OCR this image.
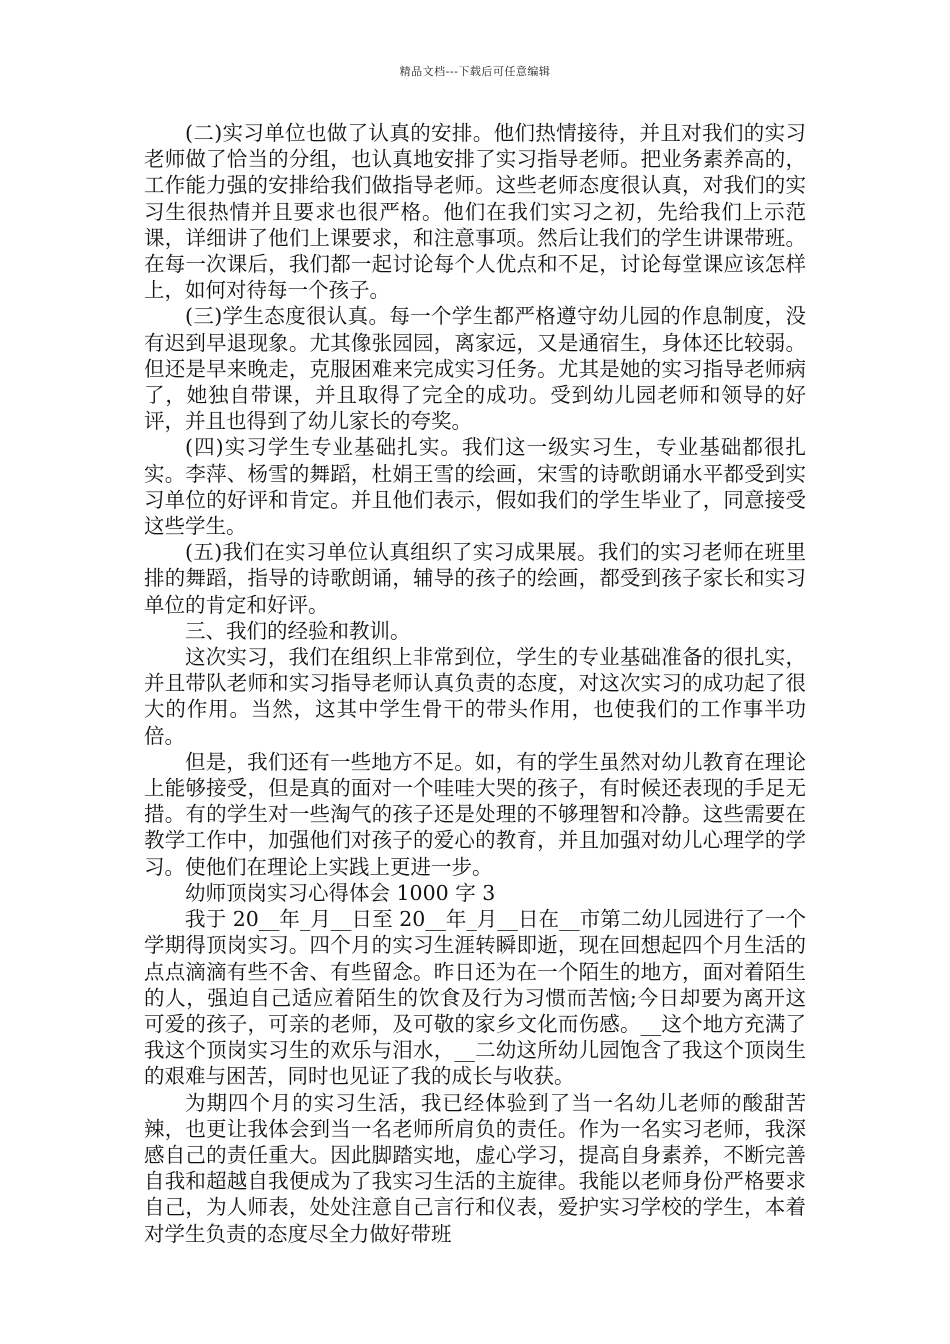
精品文档---下载后可任意编辑

(二)实习单位也做了认真的安排。他们热情接待，并且对我们的实习老师做了恰当的分组，也认真地安排了实习指导老师。把业务素养高的，工作能力强的安排给我们做指导老师。这些老师态度很认真，对我们的实习生很热情并且要求也很严格。他们在我们实习之初，先给我们上示范课，详细讲了他们上课要求，和注意事项。然后让我们的学生讲课带班。在每一次课后，我们都一起讨论每个人优点和不足，讨论每堂课应该怎样上，如何对待每一个孩子。

(三)学生态度很认真。每一个学生都严格遵守幼儿园的作息制度，没有迟到早退现象。尤其像张园园，离家远，又是通宿生，身体还比较弱。但还是早来晚走，克服困难来完成实习任务。尤其是她的实习指导老师病了，她独自带课，并且取得了完全的成功。受到幼儿园老师和领导的好评，并且也得到了幼儿家长的夸奖。

(四)实习学生专业基础扎实。我们这一级实习生，专业基础都很扎实。李萍、杨雪的舞蹈，杜娟王雪的绘画，宋雪的诗歌朗诵水平都受到实习单位的好评和肯定。并且他们表示，假如我们的学生毕业了，同意接受这些学生。

(五)我们在实习单位认真组织了实习成果展。我们的实习老师在班里排的舞蹈，指导的诗歌朗诵，辅导的孩子的绘画，都受到孩子家长和实习单位的肯定和好评。

三、我们的经验和教训。

这次实习，我们在组织上非常到位，学生的专业基础准备的很扎实，并且带队老师和实习指导老师认真负责的态度，对这次实习的成功起了很大的作用。当然，这其中学生骨干的带头作用，也使我们的工作事半功倍。

但是，我们还有一些地方不足。如，有的学生虽然对幼儿教育在理论上能够接受，但是真的面对一个哇哇大哭的孩子，有时候还表现的手足无措。有的学生对一些淘气的孩子还是处理的不够理智和冷静。这些需要在教学工作中，加强他们对孩子的爱心的教育，并且加强对幼儿心理学的学习。使他们在理论上实践上更进一步。

幼师顶岗实习心得体会 1000 字 3

我于 20__年_月__日至 20__年_月__日在__市第二幼儿园进行了一个学期得顶岗实习。四个月的实习生涯转瞬即逝，现在回想起四个月生活的点点滴滴有些不舍、有些留念。昨日还为在一个陌生的地方，面对着陌生的人，强迫自己适应着陌生的饮食及行为习惯而苦恼;今日却要为离开这可爱的孩子，可亲的老师，及可敬的家乡文化而伤感。__这个地方充满了我这个顶岗实习生的欢乐与泪水，__二幼这所幼儿园饱含了我这个顶岗生的艰难与困苦，同时也见证了我的成长与收获。

为期四个月的实习生活，我已经体验到了当一名幼儿老师的酸甜苦辣，也更让我体会到当一名老师所肩负的责任。作为一名实习老师，我深感自己的责任重大。因此脚踏实地，虚心学习，提高自身素养，不断完善自我和超越自我便成为了我实习生活的主旋律。我能以老师身份严格要求自己，为人师表，处处注意自己言行和仪表，爱护实习学校的学生，本着对学生负责的态度尽全力做好带班
